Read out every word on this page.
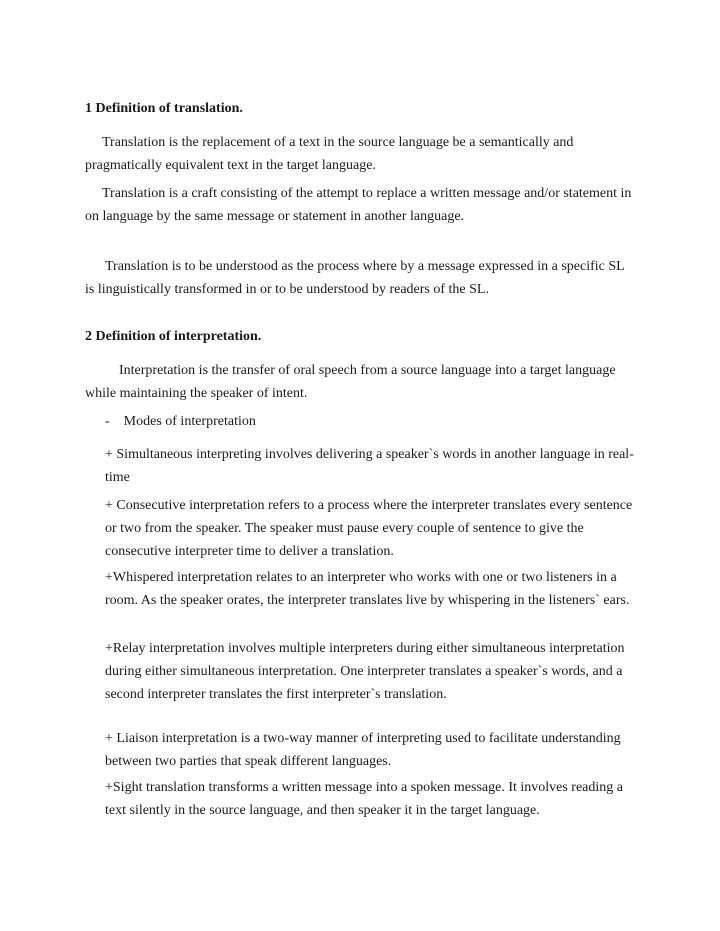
1 Definition of translation.

Translation is the replacement of a text in the source language be a semantically and pragmatically equivalent text in the target language.

Translation is a craft consisting of the attempt to replace a written message and/or statement in on language by the same message or statement in another language.

Translation is to be understood as the process where by a message expressed in a specific SL is linguistically transformed in or to be understood by readers of the SL.

2 Definition of interpretation.

Interpretation is the transfer of oral speech from a source language into a target language while maintaining the speaker of intent.

-    Modes of interpretation

+ Simultaneous interpreting involves delivering a speaker`s words in another language in real- time

+ Consecutive interpretation refers to a process where the interpreter translates every sentence or two from the speaker. The speaker must pause every couple of sentence to give the consecutive interpreter time to deliver a translation.

+Whispered interpretation relates to an interpreter who works with one or two listeners in a room. As the speaker orates, the interpreter translates live by whispering in the listeners` ears.

+Relay interpretation involves multiple interpreters during either simultaneous interpretation during either simultaneous interpretation. One interpreter translates a speaker`s words, and a second interpreter translates the first interpreter`s translation.

+ Liaison interpretation is a two-way manner of interpreting used to facilitate understanding between two parties that speak different languages.

+Sight translation transforms a written message into a spoken message. It involves reading a text silently in the source language, and then speaker it in the target language.
